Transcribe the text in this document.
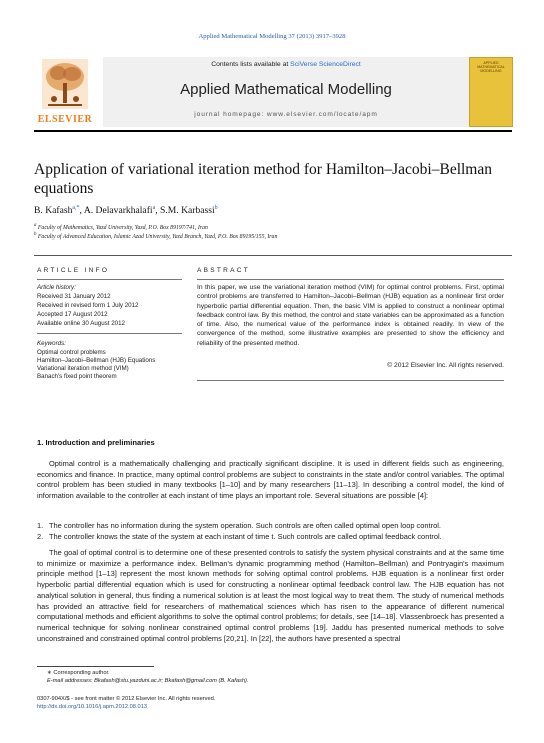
Applied Mathematical Modelling 37 (2013) 3917–3928
ELSEVIER
Contents lists available at SciVerse ScienceDirect
Applied Mathematical Modelling
journal homepage: www.elsevier.com/locate/apm
APPLIED MATHEMATICAL MODELLING
Application of variational iteration method for Hamilton–Jacobi–Bellman equations
B. Kafash$^{a,*}$, A. Delavarkhalafi$^a$, S.M. Karbassi$^b$
$^a$ Faculty of Mathematics, Yazd University, Yazd, P.O. Box 89197/741, Iran
$^b$ Faculty of Advanced Education, Islamic Azad University, Yazd Branch, Yazd, P.O. Box 89195/155, Iran
ARTICLE INFO
Article history:
Received 31 January 2012
Received in revised form 1 July 2012
Accepted 17 August 2012
Available online 30 August 2012
Keywords:
Optimal control problems
Hamilton–Jacobi–Bellman (HJB) Equations
Variational iteration method (VIM)
Banach's fixed point theorem
ABSTRACT
In this paper, we use the variational iteration method (VIM) for optimal control problems. First, optimal control problems are transferred to Hamilton–Jacobi–Bellman (HJB) equation as a nonlinear first order hyperbolic partial differential equation. Then, the basic VIM is applied to construct a nonlinear optimal feedback control law. By this method, the control and state variables can be approximated as a function of time. Also, the numerical value of the performance index is obtained readily. In view of the convergence of the method, some illustrative examples are presented to show the efficiency and reliability of the presented method.
© 2012 Elsevier Inc. All rights reserved.
1. Introduction and preliminaries
Optimal control is a mathematically challenging and practically significant discipline. It is used in different fields such as engineering, economics and finance. In practice, many optimal control problems are subject to constraints in the state and/or control variables. The optimal control problem has been studied in many textbooks [1–10] and by many researchers [11–13]. In describing a control model, the kind of information available to the controller at each instant of time plays an important role. Several situations are possible [4]:
1. The controller has no information during the system operation. Such controls are often called optimal open loop control.
2. The controller knows the state of the system at each instant of time t. Such controls are called optimal feedback control.
The goal of optimal control is to determine one of these presented controls to satisfy the system physical constraints and at the same time to minimize or maximize a performance index. Bellman's dynamic programming method (Hamilton–Bellman) and Pontryagin's maximum principle method [1–13] represent the most known methods for solving optimal control problems. HJB equation is a nonlinear first order hyperbolic partial differential equation which is used for constructing a nonlinear optimal feedback control law. The HJB equation has not analytical solution in general, thus finding a numerical solution is at least the most logical way to treat them. The study of numerical methods has provided an attractive field for researchers of mathematical sciences which has risen to the appearance of different numerical computational methods and efficient algorithms to solve the optimal control problems; for details, see [14–18]. Vlassenbroeck has presented a numerical technique for solving nonlinear constrained optimal control problems [19]. Jaddu has presented numerical methods to solve unconstrained and constrained optimal control problems [20,21]. In [22], the authors have presented a spectral
∗ Corresponding author.
E-mail addresses: Bkafash@stu.yazduni.ac.ir; Bkafash@gmail.com (B. Kafash).
0307-904X/$ - see front matter © 2012 Elsevier Inc. All rights reserved.
http://dx.doi.org/10.1016/j.apm.2012.08.013
